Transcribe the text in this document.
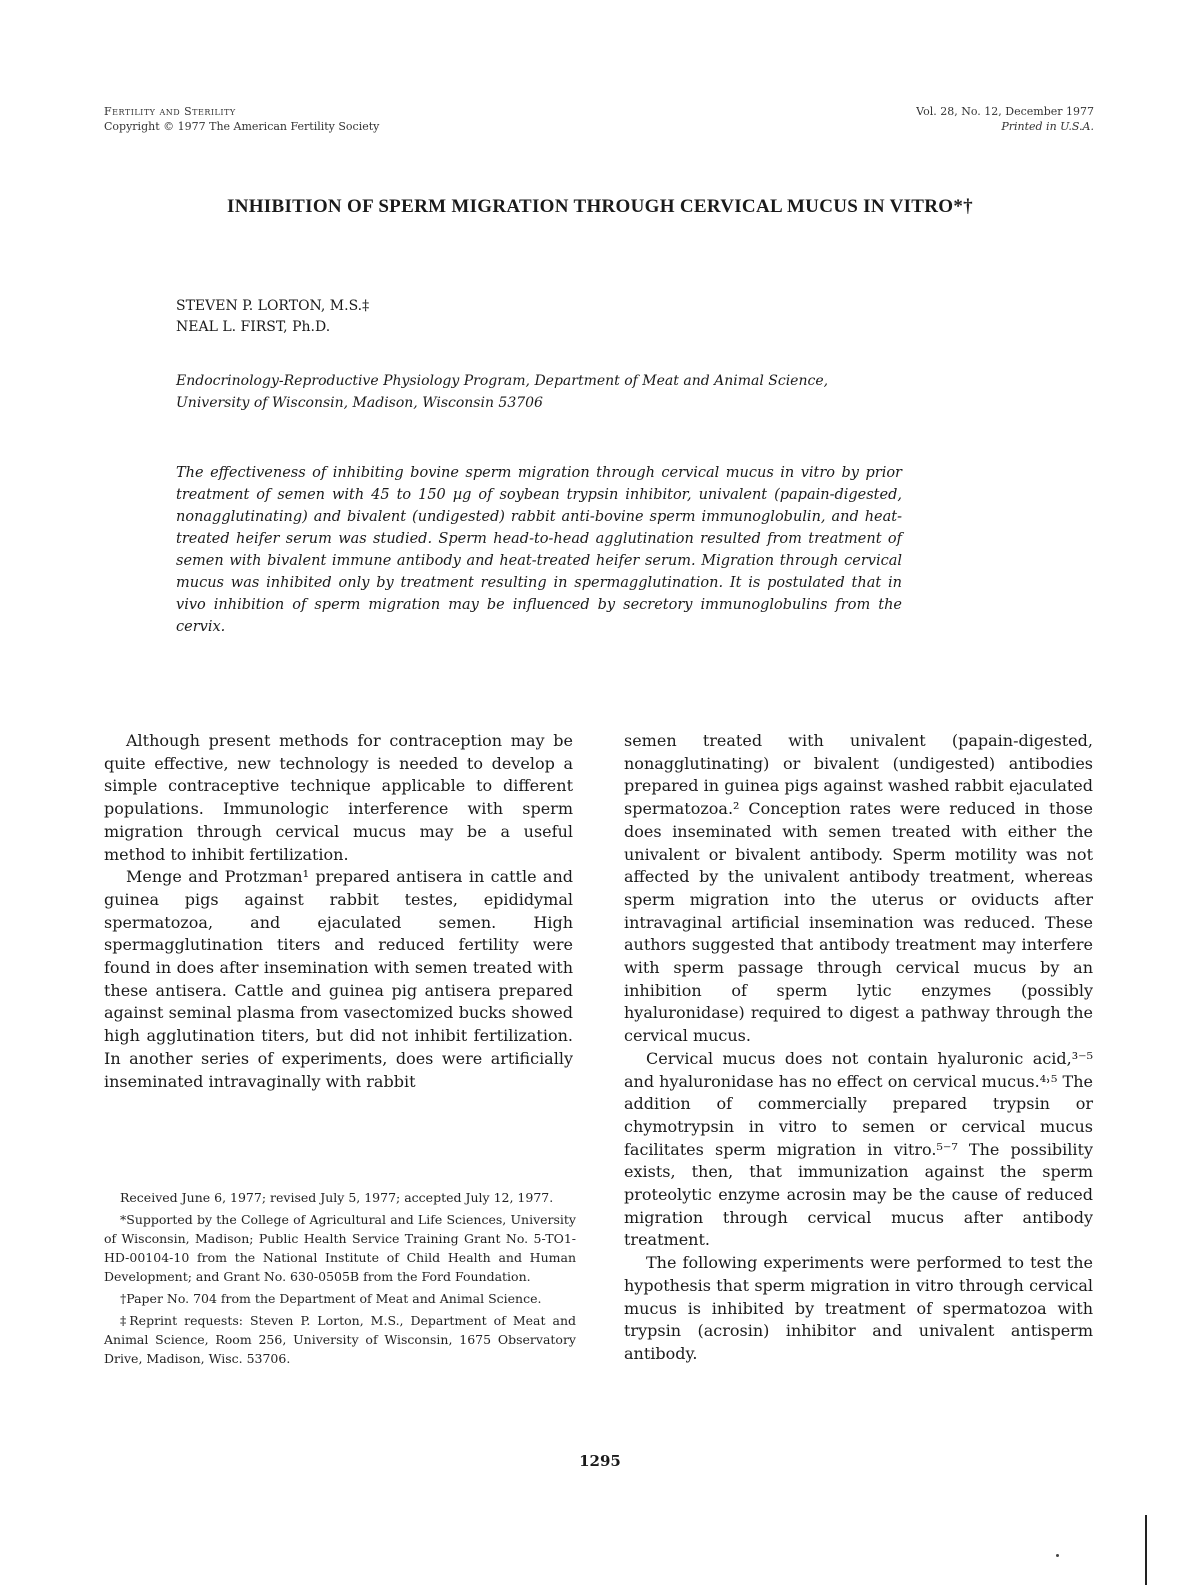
Fertility and Sterility
Copyright © 1977 The American Fertility Society
Vol. 28, No. 12, December 1977
Printed in U.S.A.
INHIBITION OF SPERM MIGRATION THROUGH CERVICAL MUCUS IN VITRO*†
STEVEN P. LORTON, M.S.‡
NEAL L. FIRST, Ph.D.
Endocrinology-Reproductive Physiology Program, Department of Meat and Animal Science,
University of Wisconsin, Madison, Wisconsin 53706
The effectiveness of inhibiting bovine sperm migration through cervical mucus in vitro by prior treatment of semen with 45 to 150 µg of soybean trypsin inhibitor, univalent (papain-digested, nonagglutinating) and bivalent (undigested) rabbit anti-bovine sperm immunoglobulin, and heat-treated heifer serum was studied. Sperm head-to-head agglutination resulted from treatment of semen with bivalent immune antibody and heat-treated heifer serum. Migration through cervical mucus was inhibited only by treatment resulting in spermagglutination. It is postulated that in vivo inhibition of sperm migration may be influenced by secretory immunoglobulins from the cervix.

Although present methods for contraception may be quite effective, new technology is needed to develop a simple contraceptive technique applicable to different populations. Immunologic interference with sperm migration through cervical mucus may be a useful method to inhibit fertilization.

Menge and Protzman¹ prepared antisera in cattle and guinea pigs against rabbit testes, epididymal spermatozoa, and ejaculated semen. High spermagglutination titers and reduced fertility were found in does after insemination with semen treated with these antisera. Cattle and guinea pig antisera prepared against seminal plasma from vasectomized bucks showed high agglutination titers, but did not inhibit fertilization. In another series of experiments, does were artificially inseminated intravaginally with rabbit

Received June 6, 1977; revised July 5, 1977; accepted July 12, 1977.

*Supported by the College of Agricultural and Life Sciences, University of Wisconsin, Madison; Public Health Service Training Grant No. 5-TO1-HD-00104-10 from the National Institute of Child Health and Human Development; and Grant No. 630-0505B from the Ford Foundation.

†Paper No. 704 from the Department of Meat and Animal Science.

‡Reprint requests: Steven P. Lorton, M.S., Department of Meat and Animal Science, Room 256, University of Wisconsin, 1675 Observatory Drive, Madison, Wisc. 53706.

semen treated with univalent (papain-digested, nonagglutinating) or bivalent (undigested) antibodies prepared in guinea pigs against washed rabbit ejaculated spermatozoa.² Conception rates were reduced in those does inseminated with semen treated with either the univalent or bivalent antibody. Sperm motility was not affected by the univalent antibody treatment, whereas sperm migration into the uterus or oviducts after intravaginal artificial insemination was reduced. These authors suggested that antibody treatment may interfere with sperm passage through cervical mucus by an inhibition of sperm lytic enzymes (possibly hyaluronidase) required to digest a pathway through the cervical mucus.

Cervical mucus does not contain hyaluronic acid,³⁻⁵ and hyaluronidase has no effect on cervical mucus.⁴˒⁵ The addition of commercially prepared trypsin or chymotrypsin in vitro to semen or cervical mucus facilitates sperm migration in vitro.⁵⁻⁷ The possibility exists, then, that immunization against the sperm proteolytic enzyme acrosin may be the cause of reduced migration through cervical mucus after antibody treatment.

The following experiments were performed to test the hypothesis that sperm migration in vitro through cervical mucus is inhibited by treatment of spermatozoa with trypsin (acrosin) inhibitor and univalent antisperm antibody.

1295
